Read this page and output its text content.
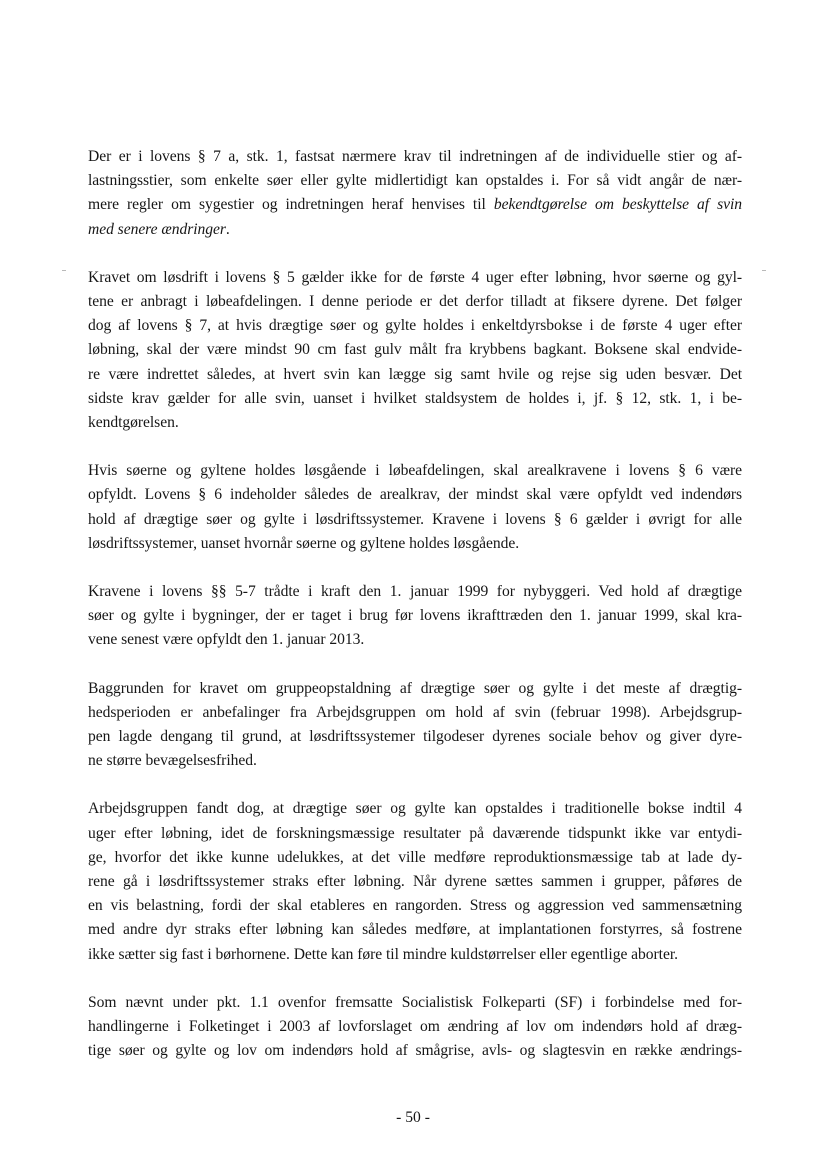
Der er i lovens § 7 a, stk. 1, fastsat nærmere krav til indretningen af de individuelle stier og af-
lastningsstier, som enkelte søer eller gylte midlertidigt kan opstaldes i. For så vidt angår de nær-
mere regler om sygestier og indretningen heraf henvises til bekendtgørelse om beskyttelse af svin
med senere ændringer.

Kravet om løsdrift i lovens § 5 gælder ikke for de første 4 uger efter løbning, hvor søerne og gyl-
tene er anbragt i løbeafdelingen. I denne periode er det derfor tilladt at fiksere dyrene. Det følger
dog af lovens § 7, at hvis drægtige søer og gylte holdes i enkeltdyrsbokse i de første 4 uger efter
løbning, skal der være mindst 90 cm fast gulv målt fra krybbens bagkant. Boksene skal endvide-
re være indrettet således, at hvert svin kan lægge sig samt hvile og rejse sig uden besvær. Det
sidste krav gælder for alle svin, uanset i hvilket staldsystem de holdes i, jf. § 12, stk. 1, i be-
kendtgørelsen.

Hvis søerne og gyltene holdes løsgående i løbeafdelingen, skal arealkravene i lovens § 6 være
opfyldt. Lovens § 6 indeholder således de arealkrav, der mindst skal være opfyldt ved indendørs
hold af drægtige søer og gylte i løsdriftssystemer. Kravene i lovens § 6 gælder i øvrigt for alle
løsdriftssystemer, uanset hvornår søerne og gyltene holdes løsgående.

Kravene i lovens §§ 5-7 trådte i kraft den 1. januar 1999 for nybyggeri. Ved hold af drægtige
søer og gylte i bygninger, der er taget i brug før lovens ikrafttræden den 1. januar 1999, skal kra-
vene senest være opfyldt den 1. januar 2013.

Baggrunden for kravet om gruppeopstaldning af drægtige søer og gylte i det meste af drægtig-
hedsperioden er anbefalinger fra Arbejdsgruppen om hold af svin (februar 1998). Arbejdsgrup-
pen lagde dengang til grund, at løsdriftssystemer tilgodeser dyrenes sociale behov og giver dyre-
ne større bevægelsesfrihed.

Arbejdsgruppen fandt dog, at drægtige søer og gylte kan opstaldes i traditionelle bokse indtil 4
uger efter løbning, idet de forskningsmæssige resultater på daværende tidspunkt ikke var entydi-
ge, hvorfor det ikke kunne udelukkes, at det ville medføre reproduktionsmæssige tab at lade dy-
rene gå i løsdriftssystemer straks efter løbning. Når dyrene sættes sammen i grupper, påføres de
en vis belastning, fordi der skal etableres en rangorden. Stress og aggression ved sammensætning
med andre dyr straks efter løbning kan således medføre, at implantationen forstyrres, så fostrene
ikke sætter sig fast i børhornene. Dette kan føre til mindre kuldstørrelser eller egentlige aborter.

Som nævnt under pkt. 1.1 ovenfor fremsatte Socialistisk Folkeparti (SF) i forbindelse med for-
handlingerne i Folketinget i 2003 af lovforslaget om ændring af lov om indendørs hold af dræg-
tige søer og gylte og lov om indendørs hold af smågrise, avls- og slagtesvin en række ændrings-

- 50 -
